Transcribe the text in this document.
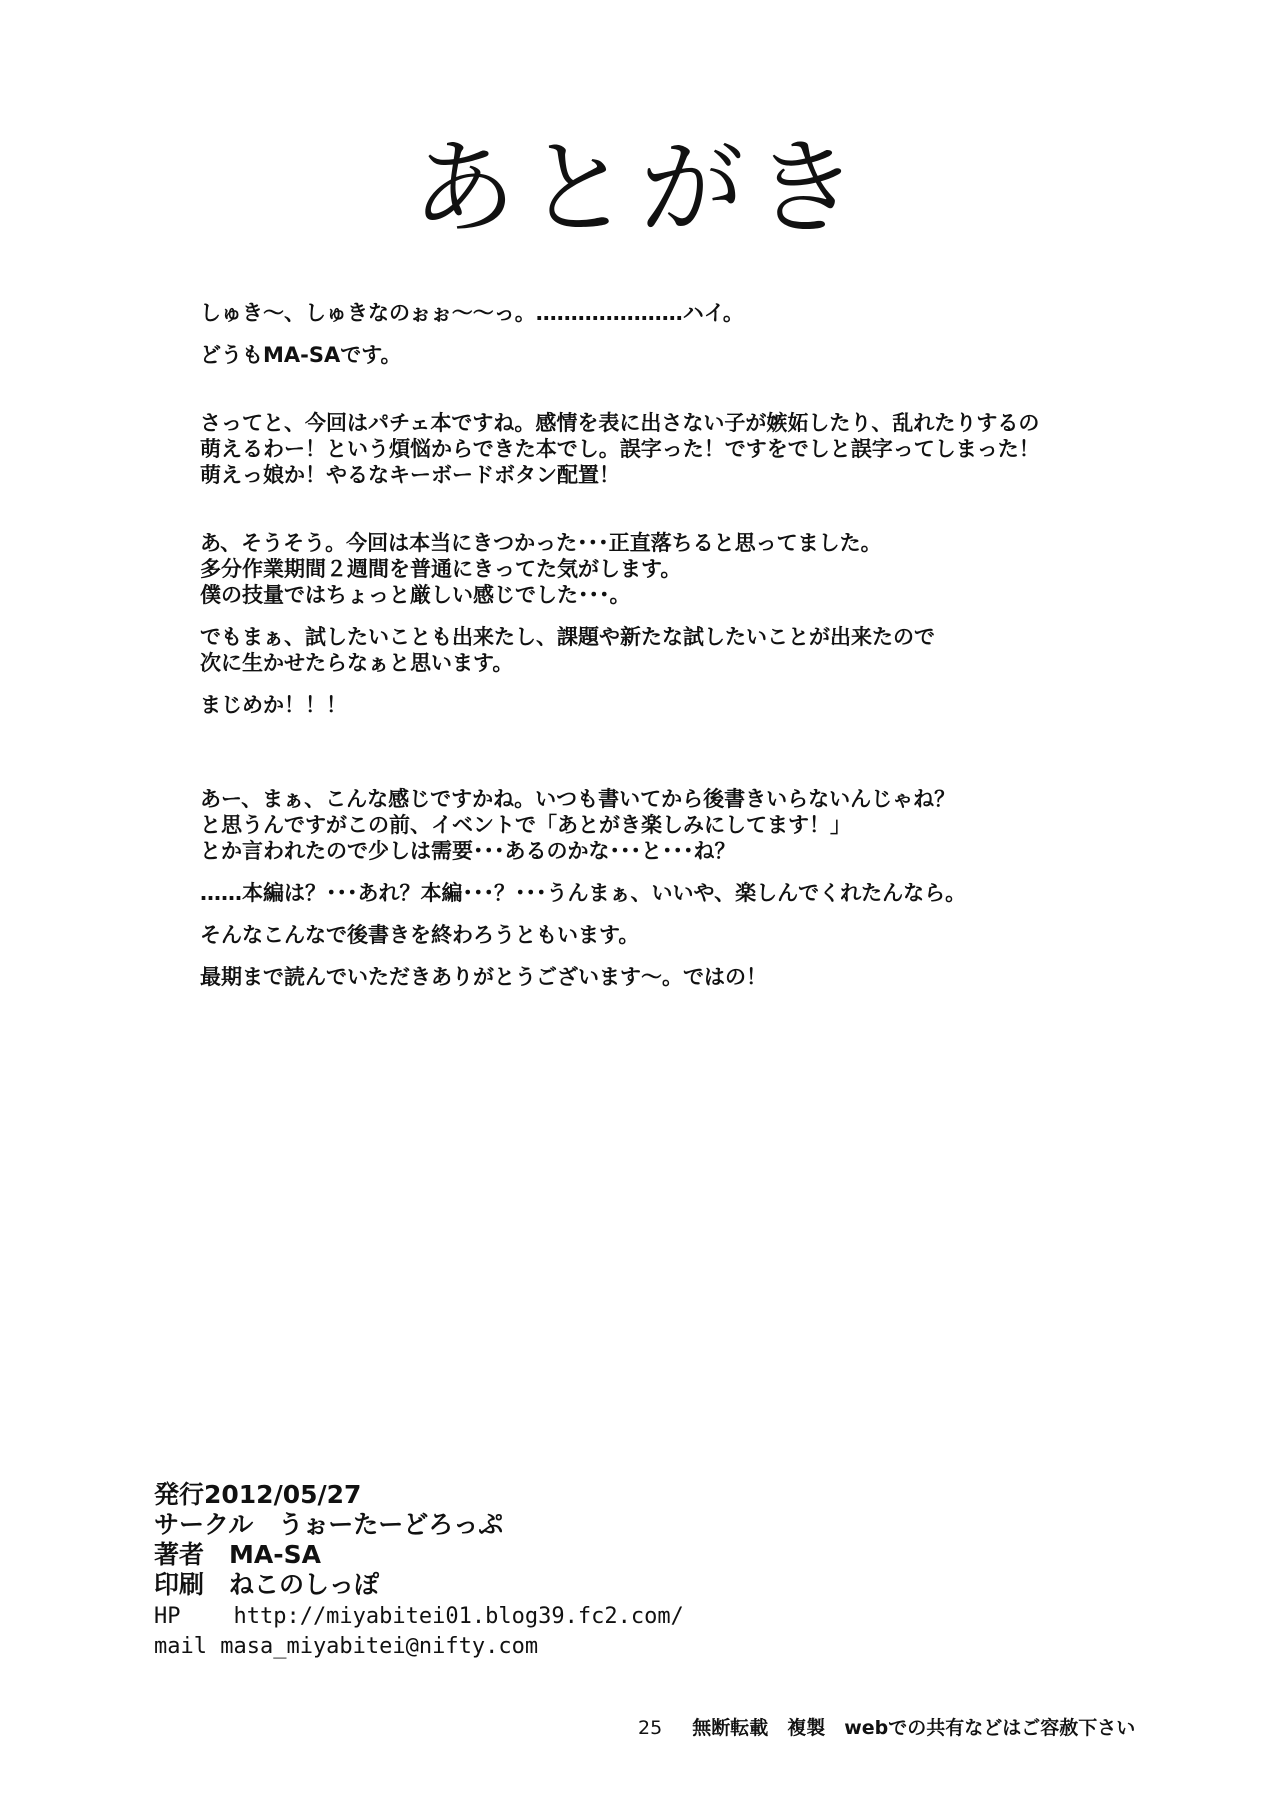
あとがき

しゅき〜、しゅきなのぉぉ〜〜っ。…………………ハイ。

どうもMA-SAです。

さってと、今回はパチェ本ですね。感情を表に出さない子が嫉妬したり、乱れたりするの
萌えるわー！という煩悩からできた本でし。誤字った！ですをでしと誤字ってしまった！
萌えっ娘か！やるなキーボードボタン配置！

あ、そうそう。今回は本当にきつかった･･･正直落ちると思ってました。
多分作業期間２週間を普通にきってた気がします。
僕の技量ではちょっと厳しい感じでした･･･。

でもまぁ、試したいことも出来たし、課題や新たな試したいことが出来たので
次に生かせたらなぁと思います。

まじめか！！！

あー、まぁ、こんな感じですかね。いつも書いてから後書きいらないんじゃね？
と思うんですがこの前、イベントで「あとがき楽しみにしてます！」
とか言われたので少しは需要･･･あるのかな･･･と･･･ね？

……本編は？･･･あれ？本編･･･？･･･うんまぁ、いいや、楽しんでくれたんなら。

そんなこんなで後書きを終わろうともいます。

最期まで読んでいただきありがとうございます〜。ではの！

発行2012/05/27
サークル　うぉーたーどろっぷ
著者　MA-SA
印刷　ねこのしっぽ
HP    http://miyabitei01.blog39.fc2.com/
mail masa_miyabitei@nifty.com
25 無断転載　複製　webでの共有などはご容赦下さい
